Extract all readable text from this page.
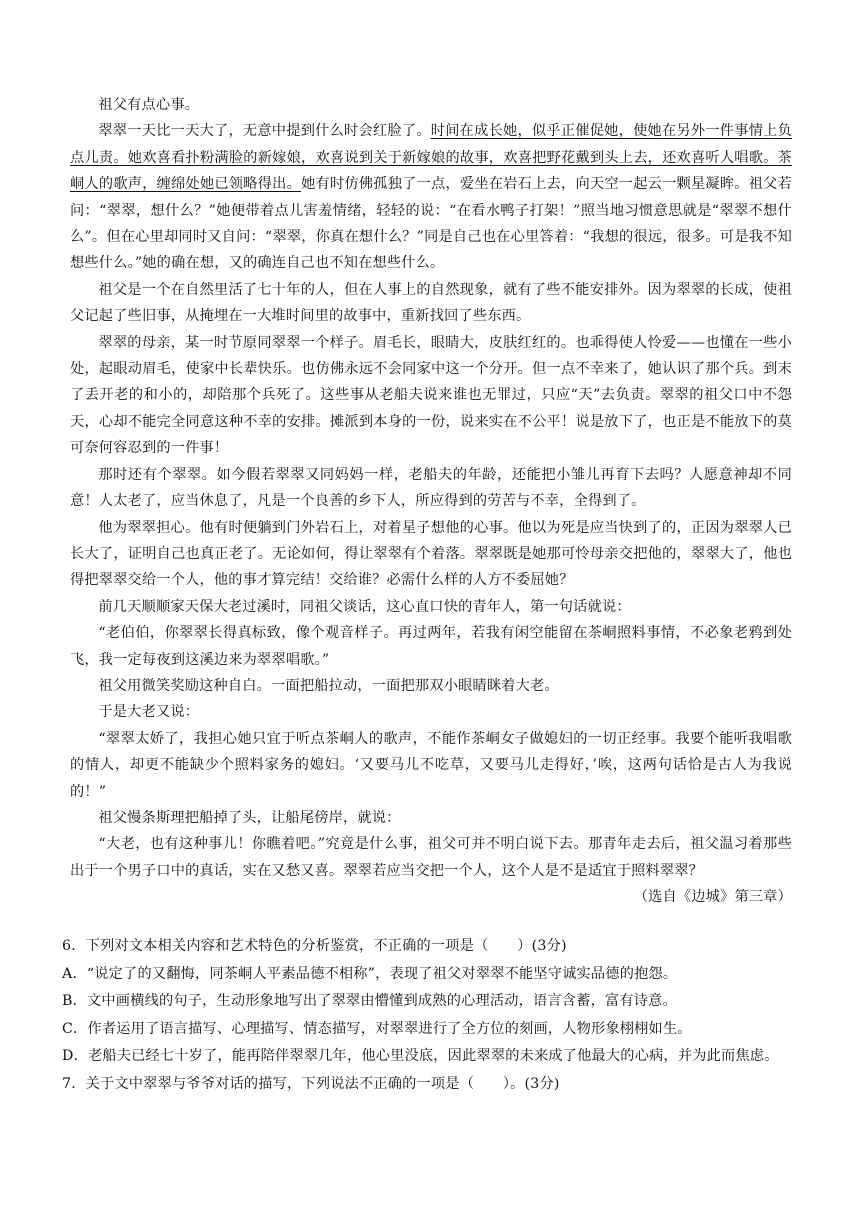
祖父有点心事。

翠翠一天比一天大了，无意中提到什么时会红脸了。时间在成长她，似乎正催促她，使她在另外一件事情上负点儿责。她欢喜看扑粉满脸的新嫁娘，欢喜说到关于新嫁娘的故事，欢喜把野花戴到头上去，还欢喜听人唱歌。茶峒人的歌声，缠绵处她已领略得出。她有时仿佛孤独了一点，爱坐在岩石上去，向天空一起云一颗星凝眸。祖父若问：“翠翠，想什么？”她便带着点儿害羞情绪，轻轻的说：“在看水鸭子打架！”照当地习惯意思就是“翠翠不想什么”。但在心里却同时又自问：“翠翠，你真在想什么？”同是自己也在心里答着：“我想的很远，很多。可是我不知想些什么。”她的确在想，又的确连自己也不知在想些什么。

祖父是一个在自然里活了七十年的人，但在人事上的自然现象，就有了些不能安排外。因为翠翠的长成，使祖父记起了些旧事，从掩埋在一大堆时间里的故事中，重新找回了些东西。

翠翠的母亲，某一时节原同翠翠一个样子。眉毛长，眼睛大，皮肤红红的。也乖得使人怜爱——也懂在一些小处，起眼动眉毛，使家中长辈快乐。也仿佛永远不会同家中这一个分开。但一点不幸来了，她认识了那个兵。到末了丢开老的和小的，却陪那个兵死了。这些事从老船夫说来谁也无罪过，只应“天”去负责。翠翠的祖父口中不怨天，心却不能完全同意这种不幸的安排。摊派到本身的一份，说来实在不公平！说是放下了，也正是不能放下的莫可奈何容忍到的一件事！

那时还有个翠翠。如今假若翠翠又同妈妈一样，老船夫的年龄，还能把小雏儿再育下去吗？人愿意神却不同意！人太老了，应当休息了，凡是一个良善的乡下人，所应得到的劳苦与不幸，全得到了。

他为翠翠担心。他有时便躺到门外岩石上，对着星子想他的心事。他以为死是应当快到了的，正因为翠翠人已长大了，证明自己也真正老了。无论如何，得让翠翠有个着落。翠翠既是她那可怜母亲交把他的，翠翠大了，他也得把翠翠交给一个人，他的事才算完结！交给谁？必需什么样的人方不委屈她？

前几天顺顺家天保大老过溪时，同祖父谈话，这心直口快的青年人，第一句话就说：

“老伯伯，你翠翠长得真标致，像个观音样子。再过两年，若我有闲空能留在茶峒照料事情，不必象老鸦到处飞，我一定每夜到这溪边来为翠翠唱歌。”

祖父用微笑奖励这种自白。一面把船拉动，一面把那双小眼睛眯着大老。

于是大老又说：

“翠翠太娇了，我担心她只宜于听点茶峒人的歌声，不能作茶峒女子做媳妇的一切正经事。我要个能听我唱歌的情人，却更不能缺少个照料家务的媳妇。‘又要马儿不吃草，又要马儿走得好，’唉，这两句话恰是古人为我说的！”

祖父慢条斯理把船掉了头，让船尾傍岸，就说：

“大老，也有这种事儿！你瞧着吧。”究竟是什么事，祖父可并不明白说下去。那青年走去后，祖父温习着那些出于一个男子口中的真话，实在又愁又喜。翠翠若应当交把一个人，这个人是不是适宜于照料翠翠？

（选自《边城》第三章）

6．下列对文本相关内容和艺术特色的分析鉴赏，不正确的一项是（　　）(3分)

A．“说定了的又翻悔，同茶峒人平素品德不相称”，表现了祖父对翠翠不能坚守诚实品德的抱怨。

B．文中画横线的句子，生动形象地写出了翠翠由懵懂到成熟的心理活动，语言含蓄，富有诗意。

C．作者运用了语言描写、心理描写、情态描写，对翠翠进行了全方位的刻画，人物形象栩栩如生。

D．老船夫已经七十岁了，能再陪伴翠翠几年，他心里没底，因此翠翠的未来成了他最大的心病，并为此而焦虑。

7．关于文中翠翠与爷爷对话的描写，下列说法不正确的一项是（　　）。(3分)
